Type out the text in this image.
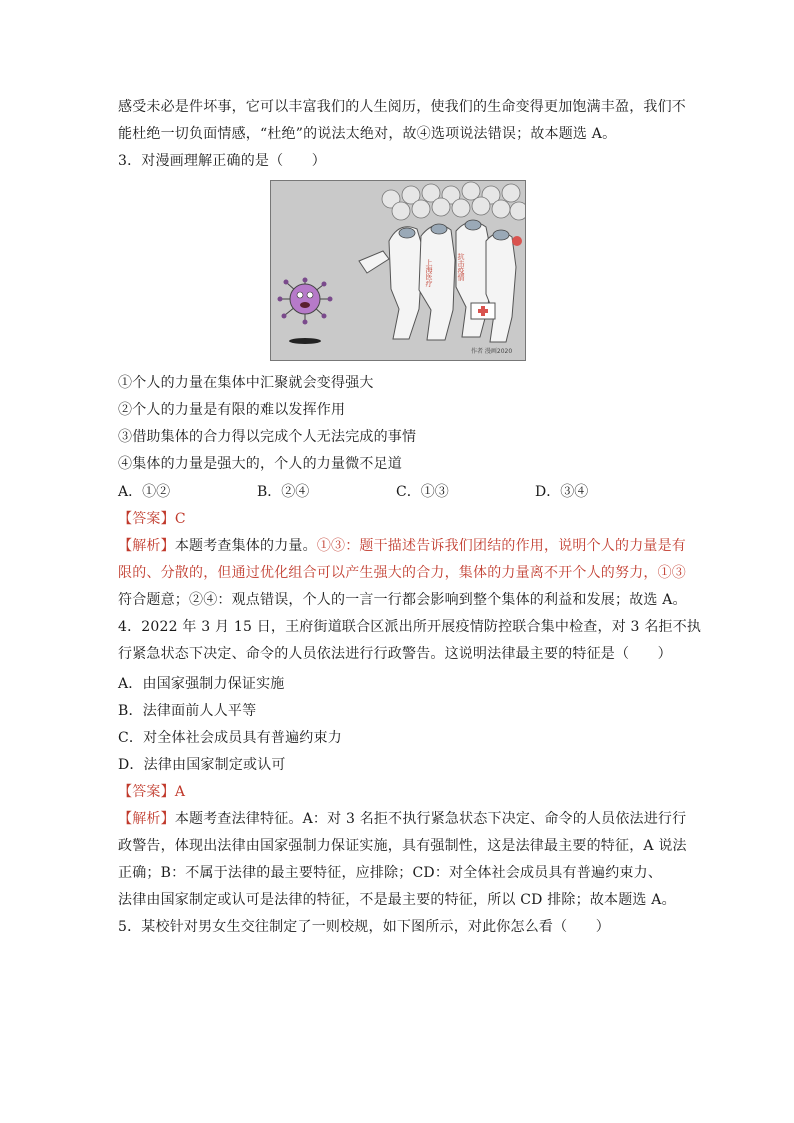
感受未必是件坏事，它可以丰富我们的人生阅历，使我们的生命变得更加饱满丰盈，我们不
能杜绝一切负面情感，“杜绝”的说法太绝对，故④选项说法错误；故本题选 A。
3．对漫画理解正确的是（　　）
上海医疗	抗击疫情
作者 漫画2020
①个人的力量在集体中汇聚就会变得强大
②个人的力量是有限的难以发挥作用
③借助集体的合力得以完成个人无法完成的事情
④集体的力量是强大的，个人的力量微不足道
A．①②	B．②④	C．①③	D．③④
【答案】C
【解析】本题考查集体的力量。①③：题干描述告诉我们团结的作用，说明个人的力量是有
限的、分散的，但通过优化组合可以产生强大的合力，集体的力量离不开个人的努力，①③
符合题意；②④：观点错误，个人的一言一行都会影响到整个集体的利益和发展；故选 A。
4．2022 年 3 月 15 日，王府街道联合区派出所开展疫情防控联合集中检查，对 3 名拒不执
行紧急状态下决定、命令的人员依法进行行政警告。这说明法律最主要的特征是（　　）
A．由国家强制力保证实施
B．法律面前人人平等
C．对全体社会成员具有普遍约束力
D．法律由国家制定或认可
【答案】A
【解析】本题考查法律特征。A：对 3 名拒不执行紧急状态下决定、命令的人员依法进行行
政警告，体现出法律由国家强制力保证实施，具有强制性，这是法律最主要的特征，A 说法
正确；B：不属于法律的最主要特征，应排除；CD：对全体社会成员具有普遍约束力、
法律由国家制定或认可是法律的特征，不是最主要的特征，所以 CD 排除；故本题选 A。
5．某校针对男女生交往制定了一则校规，如下图所示，对此你怎么看（　　）
